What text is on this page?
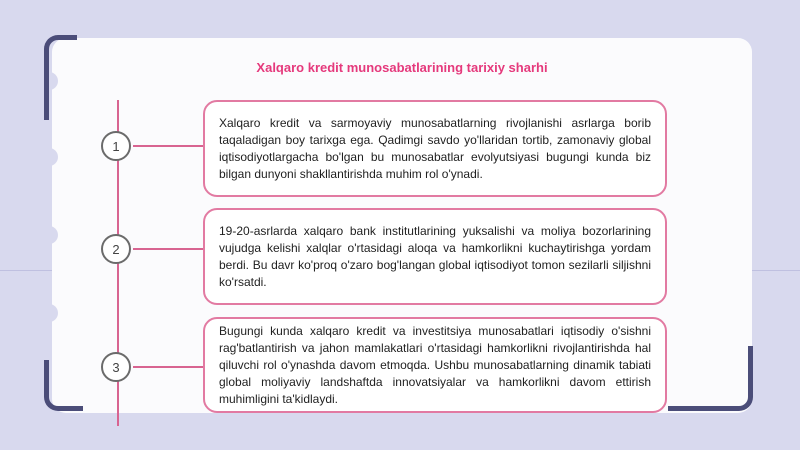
Xalqaro kredit munosabatlarining tarixiy sharhi
1

Xalqaro kredit va sarmoyaviy munosabatlarning rivojlanishi asrlarga borib taqaladigan boy tarixga ega. Qadimgi savdo yo'llaridan tortib, zamonaviy global iqtisodiyotlargacha bo'lgan bu munosabatlar evolyutsiyasi bugungi kunda biz bilgan dunyoni shakllantirishda muhim rol o'ynadi.

2

19-20-asrlarda xalqaro bank institutlarining yuksalishi va moliya bozorlarining vujudga kelishi xalqlar o'rtasidagi aloqa va hamkorlikni kuchaytirishga yordam berdi. Bu davr ko'proq o'zaro bog'langan global iqtisodiyot tomon sezilarli siljishni ko'rsatdi.

3

Bugungi kunda xalqaro kredit va investitsiya munosabatlari iqtisodiy o'sishni rag'batlantirish va jahon mamlakatlari o'rtasidagi hamkorlikni rivojlantirishda hal qiluvchi rol o'ynashda davom etmoqda. Ushbu munosabatlarning dinamik tabiati global moliyaviy landshaftda innovatsiyalar va hamkorlikni davom ettirish muhimligini ta'kidlaydi.
